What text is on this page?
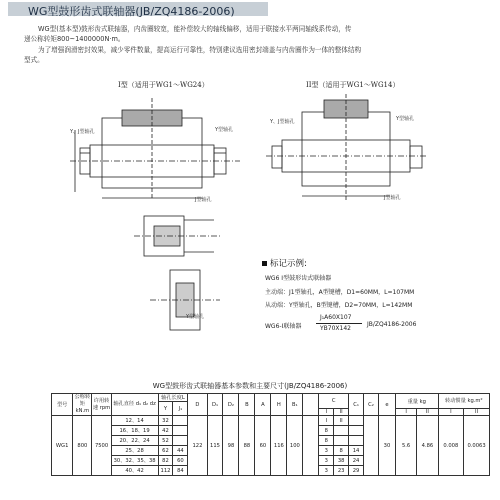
WG型鼓形齿式联轴器(JB/ZQ4186-2006)
WG型(基本型)鼓形齿式联轴器，内齿圈较宽，能补偿较大的轴线偏移，适用于联接水平两同轴线系传动，传
递公称转矩800~1400000N·m。
为了增强润滑密封效果，减少零件数量，提高运行可靠性，特别建议选用密封端盖与内齿圈作为一体的整体结构
型式。
I型（适用于WG1～WG24）
Y、J型轴孔	Y型轴孔
J型轴孔
Y型轴孔
II型（适用于WG1～WG14）
Y、J型轴孔	Y型轴孔
J型轴孔
标记示例:
WG6 I型鼓形齿式联轴器
主动端：J1型轴孔，A型键槽，D1=60MM，L=107MM
从动端：Y型轴孔，B型键槽，D2=70MM，L=142MM
WG6-I联轴器
J₁A60X107
YB70X142
JB/ZQ4186-2006
WG型鼓形齿式联轴器基本参数和主要尺寸(JB/ZQ4186-2006)
型号	公称转矩 kN.m	许用转速 rpm	轴孔直径 d₁ d₂ dz	轴孔长度L		D	D₁	D₂	B	A	H	B₁		C		C₁	C₂	e	重量 kg		转动惯量 kg.m²	
				Y	J₁																	
														I	II				I	II	I	II
WG1	800	7500	12、14	32		122	115	98	88	60	116	100		I	II			30	5.6	4.86	0.008	0.0063
			16、18、19	42										8								
			20、22、24	52										8								
			25、28	62	44									3	8	14						
			30、32、35、38	82	60									3	38	24						
			40、42	112	84									3	23	29						
